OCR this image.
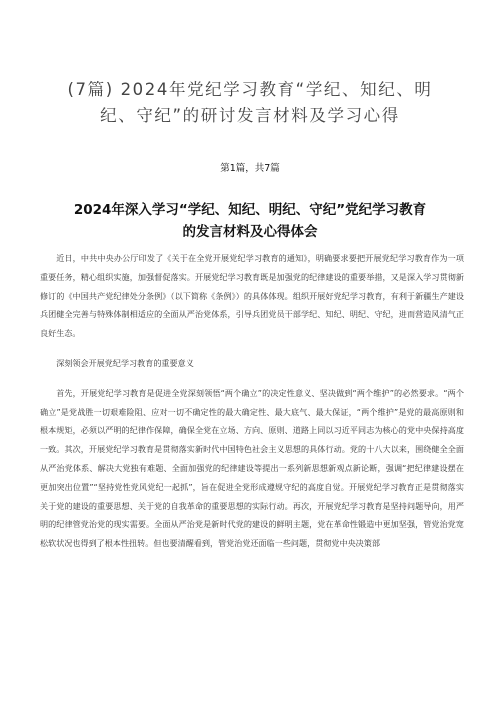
(7篇) 2024年党纪学习教育“学纪、知纪、明
纪、守纪”的研讨发言材料及学习心得
第1篇，共7篇
2024年深入学习“学纪、知纪、明纪、守纪”党纪学习教育
的发言材料及心得体会

近日，中共中央办公厅印发了《关于在全党开展党纪学习教育的通知》，明确要求要把开展党纪学习教育作为一项重要任务，精心组织实施，加强督促落实。开展党纪学习教育既是加强党的纪律建设的重要举措，又是深入学习贯彻新修订的《中国共产党纪律处分条例》（以下简称《条例》）的具体体现。组织开展好党纪学习教育，有利于新疆生产建设兵团健全完善与特殊体制相适应的全面从严治党体系，引导兵团党员干部学纪、知纪、明纪、守纪，进而营造风清气正良好生态。

深刻领会开展党纪学习教育的重要意义

首先，开展党纪学习教育是促进全党深刻领悟“两个确立”的决定性意义、坚决做到“两个维护”的必然要求。“两个确立”是党战胜一切艰难险阻、应对一切不确定性的最大确定性、最大底气、最大保证，“两个维护”是党的最高原则和根本规矩，必须以严明的纪律作保障，确保全党在立场、方向、原则、道路上同以习近平同志为核心的党中央保持高度一致。其次，开展党纪学习教育是贯彻落实新时代中国特色社会主义思想的具体行动。党的十八大以来，围绕健全全面从严治党体系、解决大党独有难题、全面加强党的纪律建设等提出一系列新思想新观点新论断，强调“把纪律建设摆在更加突出位置”“坚持党性党风党纪一起抓”，旨在促进全党形成遵规守纪的高度自觉。开展党纪学习教育正是贯彻落实关于党的建设的重要思想、关于党的自我革命的重要思想的实际行动。再次，开展党纪学习教育是坚持问题导向，用严明的纪律管党治党的现实需要。全面从严治党是新时代党的建设的鲜明主题，党在革命性锻造中更加坚强，管党治党宽松软状况也得到了根本性扭转。但也要清醒看到，管党治党还面临一些问题，贯彻党中央决策部
